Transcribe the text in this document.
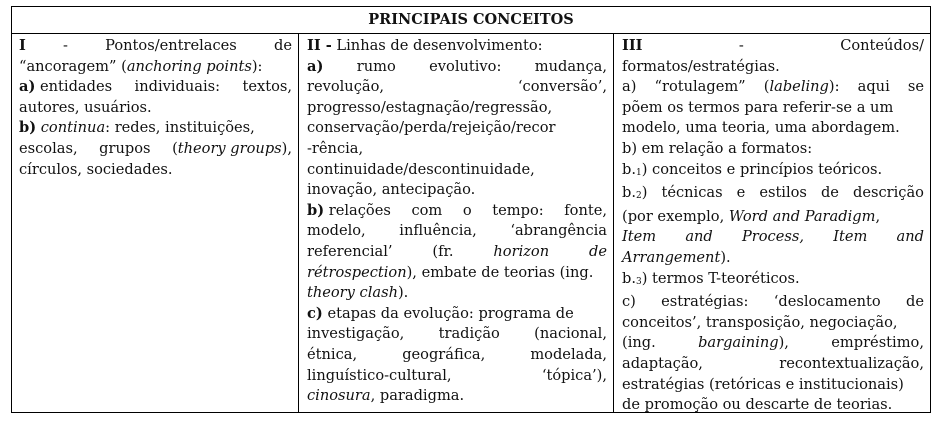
PRINCIPAIS CONCEITOS
I	-	Pontos/entrelaces	de
“ancoragem” (anchoring points):
a) entidades individuais: textos,
autores, usuários.
b) continua: redes, instituições,
escolas, grupos (theory groups),
círculos, sociedades.
II - Linhas de desenvolvimento:
a) rumo evolutivo: mudança,
revolução,	‘conversão’,
progresso/estagnação/regressão,
conservação/perda/rejeição/recor
-rência,
continuidade/descontinuidade,
inovação, antecipação.
b) relações com o tempo: fonte,
modelo, influência, ‘abrangência
referencial’	(fr.	horizon	de
rétrospection), embate de teorias (ing.
theory clash).
c) etapas da evolução: programa de
investigação, tradição (nacional,
étnica,	geográfica,	modelada,
linguístico-cultural,	‘tópica’),
cinosura, paradigma.
III	-	Conteúdos/
formatos/estratégias.
a) “rotulagem” (labeling): aqui se
põem os termos para referir-se a um
modelo, uma teoria, uma abordagem.
b) em relação a formatos:
b.1) conceitos e princípios teóricos.
b.2) técnicas e estilos de descrição
(por exemplo, Word and Paradigm,
Item and Process, Item and
Arrangement).
b.3) termos T-teoréticos.
c) estratégias: ‘deslocamento de
conceitos’, transposição, negociação,
(ing.	bargaining),	empréstimo,
adaptação,	recontextualização,
estratégias (retóricas e institucionais)
de promoção ou descarte de teorias.
